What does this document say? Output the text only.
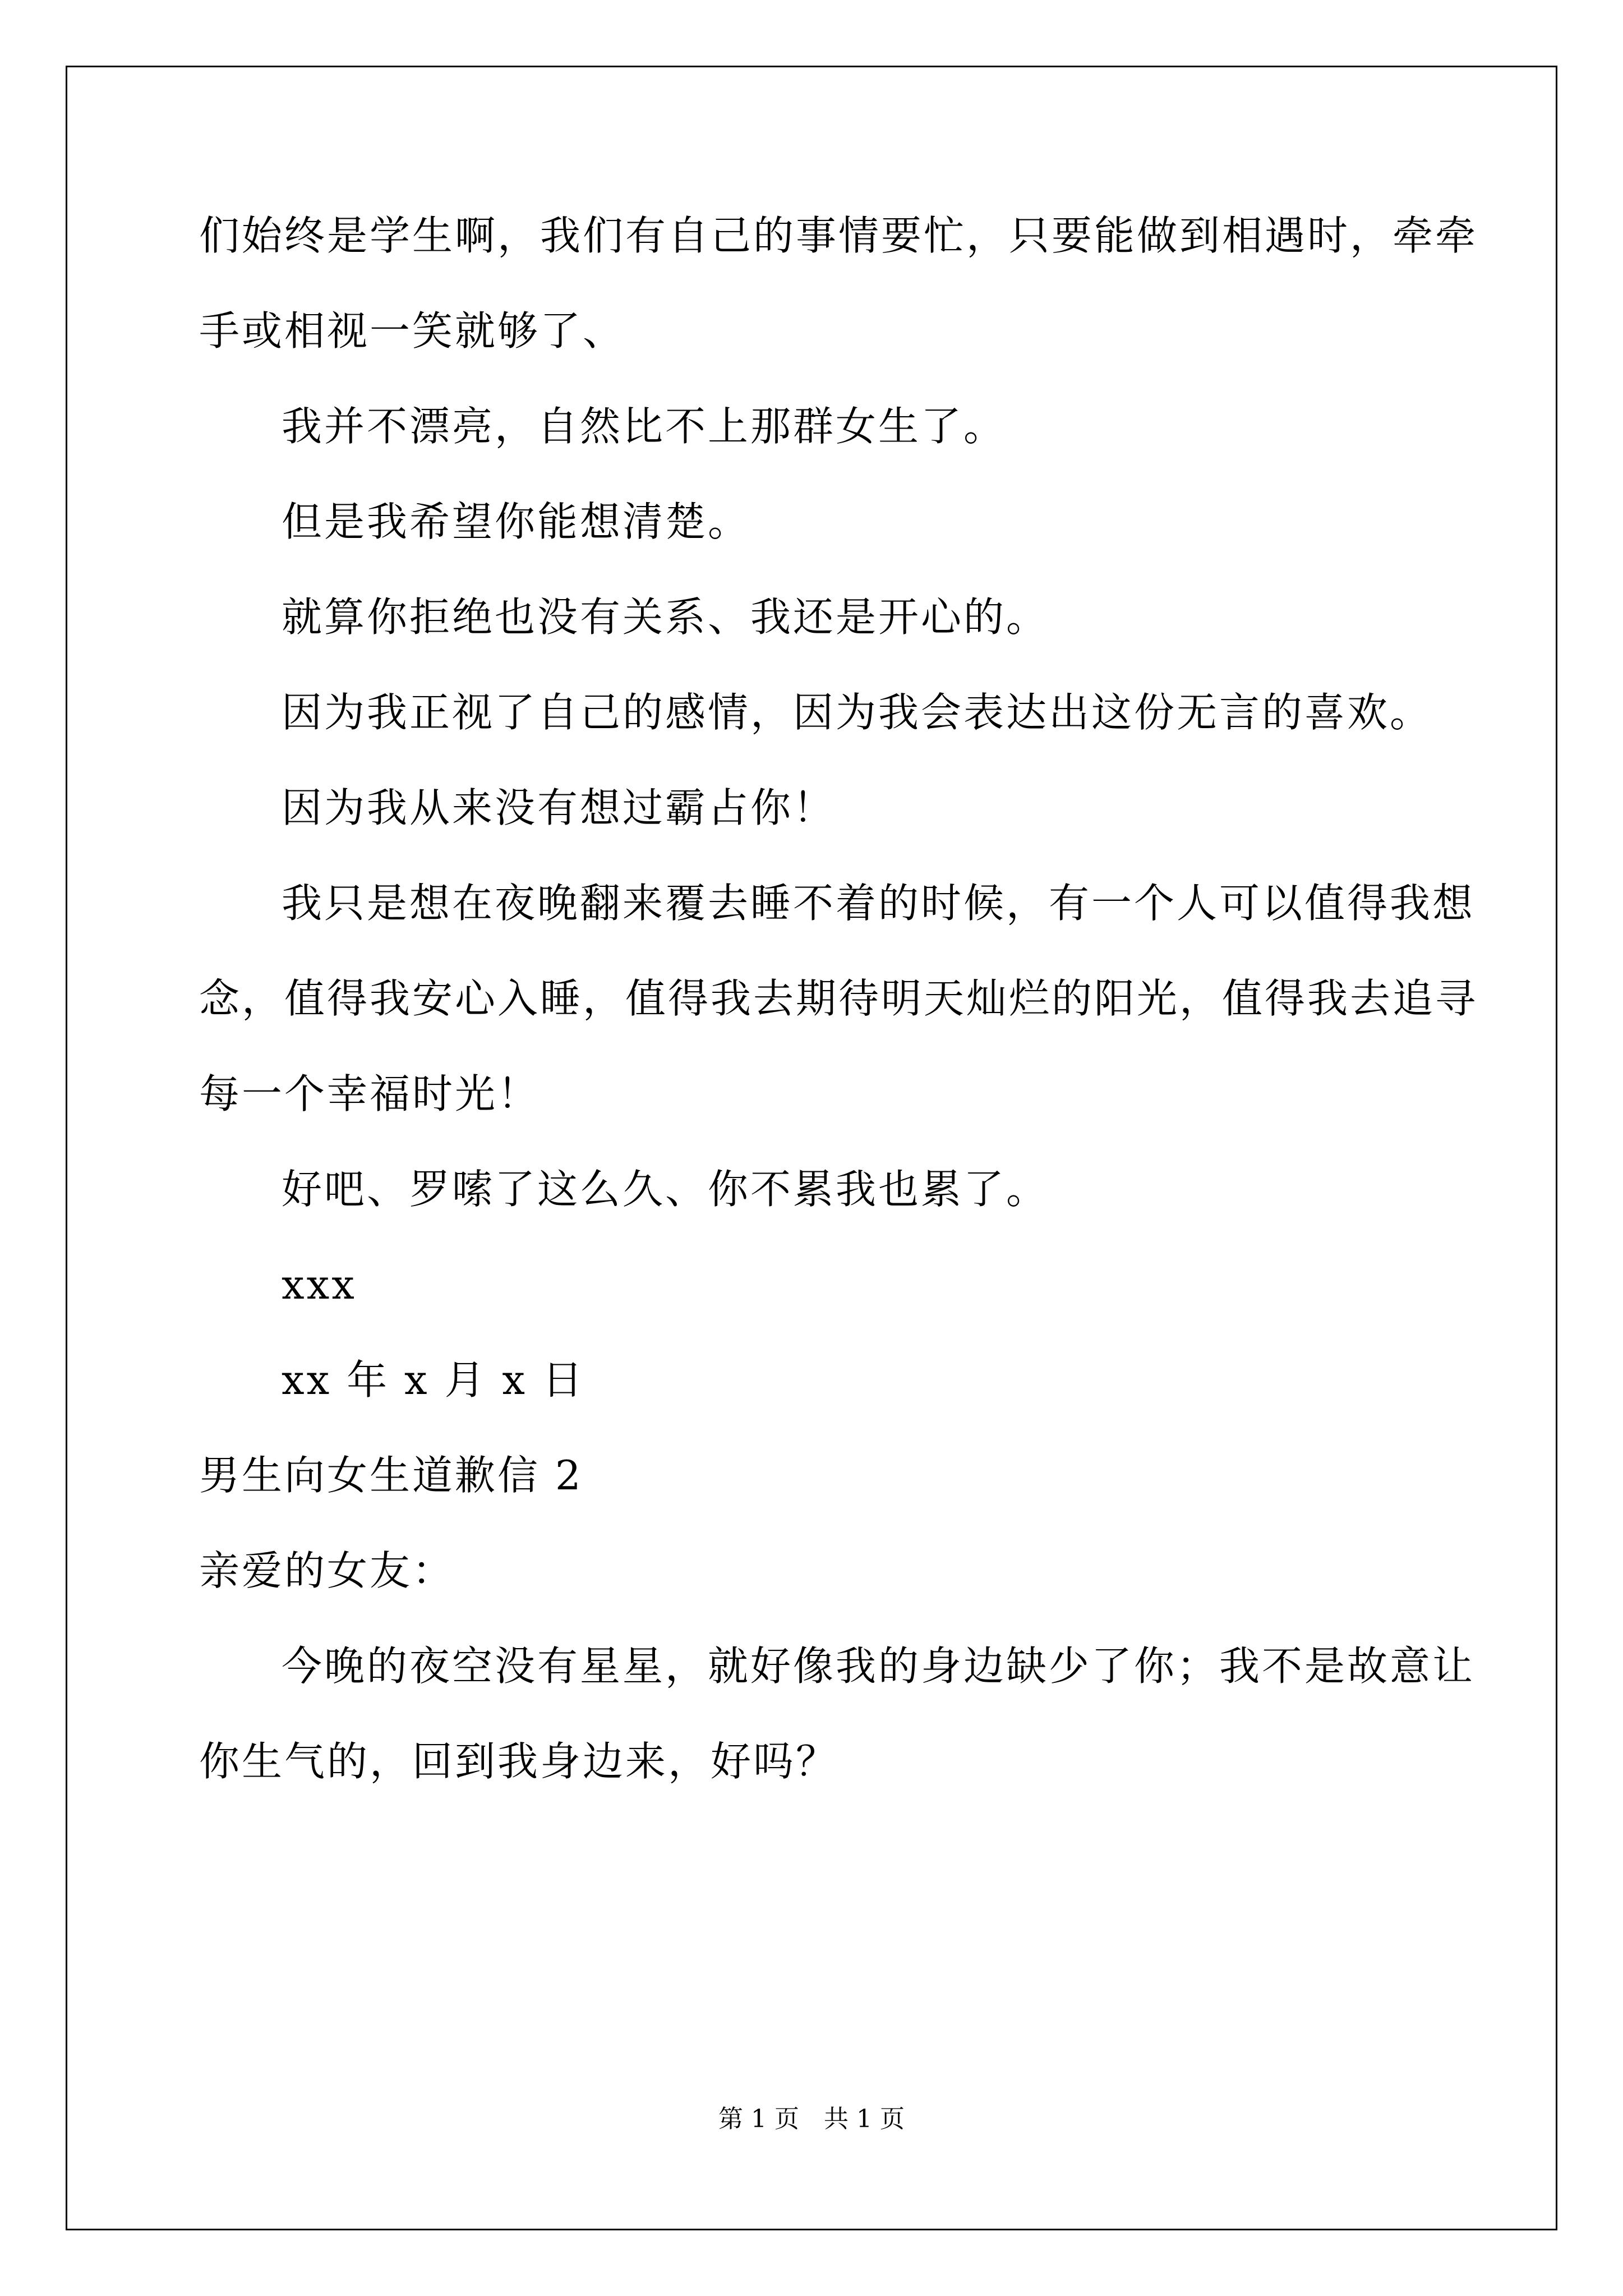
们始终是学生啊，我们有自己的事情要忙，只要能做到相遇时，牵牵
手或相视一笑就够了、
我并不漂亮，自然比不上那群女生了。
但是我希望你能想清楚。
就算你拒绝也没有关系、我还是开心的。
因为我正视了自己的感情，因为我会表达出这份无言的喜欢。
因为我从来没有想过霸占你！
我只是想在夜晚翻来覆去睡不着的时候，有一个人可以值得我想
念，值得我安心入睡，值得我去期待明天灿烂的阳光，值得我去追寻
每一个幸福时光！
好吧、罗嗦了这么久、你不累我也累了。
xxx
xx 年 x 月 x 日
男生向女生道歉信 2
亲爱的女友：
今晚的夜空没有星星，就好像我的身边缺少了你；我不是故意让
你生气的，回到我身边来，好吗？
第 1 页　共 1 页
